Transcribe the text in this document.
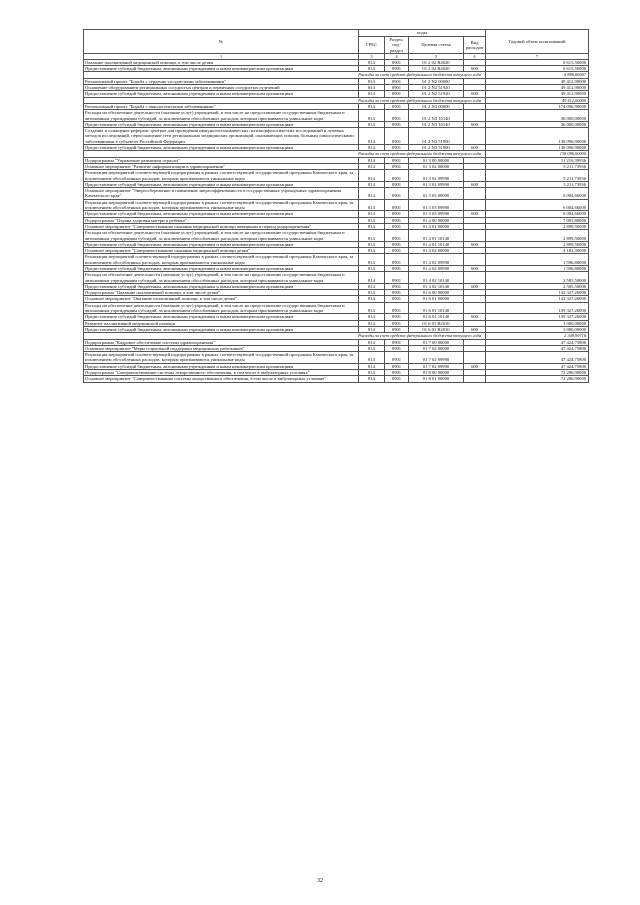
№	коды				Годовой объем ассигнований
	ГРБС	Раздел, под-раздел	Целевая статья	Вид расходов	
1	3	4	5	6	7
Оказание паллиативной медицинской помощи, в том числе детям	814	0901	01 2 02 R4020		6 615,50000
Предоставление субсидий бюджетным, автономным учреждениям и иным некоммерческим организациям	814	0901	01 2 02 R4020	600	6 615,50000
Расходы за счет средств федерального бюджета текущего года					5 886,06007
Региональный проект "Борьба с сердечно-сосудистыми заболеваниями"	814	0901	01 2 N2 00000		49 412,90000
Оснащение оборудованием региональных сосудистых центров и первичных сосудистых отделений	814	0901	01 2 N2 51920		49 412,90000
Предоставление субсидий бюджетным, автономным учреждениям и иным некоммерческим организациям	814	0901	01 2 N2 51920	600	49 412,90000
Расходы за счет средств федерального бюджета текущего года					49 412,00000
Региональный проект "Борьба с онкологическими заболеваниями"	814	0901	01 2 N3 00000		174 096,90000
Расходы на обеспечение деятельности (оказание услуг) учреждений, в том числе на предоставление государственным бюджетным и автономным учреждениям субсидий, за исключением обособленных расходов, которым присваиваются уникальные коды	814	0901	01 2 N3 10140		36 000,00000
Предоставление субсидий бюджетным, автономным учреждениям и иным некоммерческим организациям	814	0901	01 2 N3 10140	600	36 000,00000
Создание и оснащение референс-центров для проведения иммуногистохимических, патоморфологических исследований и лучевых методов исследований, переоснащение сети региональных медицинских организаций, оказывающих помощь больным онкологическими заболеваниями в субъектах Российской Федерации	814	0901	01 2 N3 51900		138 096,90000
Предоставление субсидий бюджетным, автономным учреждениям и иным некоммерческим организациям	814	0901	01 2 N3 51900	600	138 096,90000
Расходы за счет средств федерального бюджета текущего года					138 096,00000
Подпрограмма "Управление развитием отрасли"	814	0901	01 3 00 00000		11 216,39936
Основное мероприятие "Развитие информатизации в здравоохранении"	814	0901	01 3 02 00000		5 211,73936
Реализация мероприятий соответствующей подпрограммы в рамках соответствующей государственной программы Камчатского края, за исключением обособленных расходов, которым присваиваются уникальные коды	814	0901	01 3 02 09990		5 211,73936
Предоставление субсидий бюджетным, автономным учреждениям и иным некоммерческим организациям	814	0901	01 3 02 09990	600	5 211,73936
Основное мероприятие "Энергосбережение и повышение энергоэффективности в государственных учреждениях здравоохранения Камчатского края"	814	0901	01 3 03 00000		6 004,66000
Реализация мероприятий соответствующей подпрограммы в рамках соответствующей государственной программы Камчатского края, за исключением обособленных расходов, которым присваиваются уникальные коды	814	0901	01 3 03 09990		6 004,66000
Предоставление субсидий бюджетным, автономным учреждениям и иным некоммерческим организациям	814	0901	01 3 03 09990	600	6 004,66000
Подпрограмма "Охрана здоровья матери и ребенка"	814	0901	01 4 00 00000		7 081,80000
Основное мероприятие "Совершенствование оказания медицинской помощи женщинам в период родоразрешения"	814	0901	01 4 01 00000		2 899,50000
Расходы на обеспечение деятельности (оказание услуг) учреждений, в том числе на предоставление государственным бюджетным и автономным учреждениям субсидий, за исключением обособленных расходов, которым присваиваются уникальные коды	814	0901	01 4 01 10140		2 899,50000
Предоставление субсидий бюджетным, автономным учреждениям и иным некоммерческим организациям	814	0901	01 4 01 10140	600	2 899,50000
Основное мероприятие "Совершенствование оказания медицинской помощи детям"	814	0901	01 4 02 00000		4 182,30000
Реализация мероприятий соответствующей подпрограммы в рамках соответствующей государственной программы Камчатского края, за исключением обособленных расходов, которым присваиваются уникальные коды	814	0901	01 4 02 09990		1 596,80000
Предоставление субсидий бюджетным, автономным учреждениям и иным некоммерческим организациям	814	0901	01 4 02 09990	600	1 596,80000
Расходы на обеспечение деятельности (оказание услуг) учреждений, в том числе на предоставление государственным бюджетным и автономным учреждениям субсидий, за исключением обособленных расходов, которым присваиваются уникальные коды	814	0901	01 4 02 10140		2 585,50000
Предоставление субсидий бюджетным, автономным учреждениям и иным некоммерческим организациям	814	0901	01 4 02 10140	600	2 585,50000
Подпрограмма "Оказание паллиативной помощи, в том числе детям"	814	0901	01 6 00 00000		142 327,26000
Основное мероприятие "Оказание паллиативной помощи, в том числе детям"	814	0901	01 6 01 00000		142 327,26000
Расходы на обеспечение деятельности (оказание услуг) учреждений, в том числе на предоставление государственным бюджетным и автономным учреждениям субсидий, за исключением обособленных расходов, которым присваиваются уникальные коды	814	0901	01 6 01 10140		139 327,26000
Предоставление субсидий бюджетным, автономным учреждениям и иным некоммерческим организациям	814	0901	01 6 01 10140	600	139 327,26000
Развитие паллиативной медицинской помощи	814	0901	01 6 01 R2010		3 000,00000
Предоставление субсидий бюджетным, автономным учреждениям и иным некоммерческим организациям	814	0901	01 6 01 R2010	600	3 000,00000
Расходы за счет средств федерального бюджета текущего года					2 349,99716
Подпрограмма "Кадровое обеспечение системы здравоохранения"	814	0901	01 7 00 00000		47 424,75800
Основное мероприятие "Меры социальной поддержки медицинских работников"	814	0901	01 7 02 00000		47 424,75800
Реализация мероприятий соответствующей подпрограммы в рамках соответствующей государственной программы Камчатского края, за исключением обособленных расходов, которым присваиваются уникальные коды	814	0901	01 7 02 09990		47 424,75800
Предоставление субсидий бюджетным, автономным учреждениям и иным некоммерческим организациям	814	0901	01 7 02 09990	600	47 424,75800
Подпрограмма "Совершенствование системы лекарственного обеспечения, в том числе в амбулаторных условиях"	814	0901	01 8 00 00000		72 286,90000
Основное мероприятие "Совершенствование системы лекарственного обеспечения, в том числе в амбулаторных условиях"	814	0901	01 8 01 00000		72 286,90000
32
